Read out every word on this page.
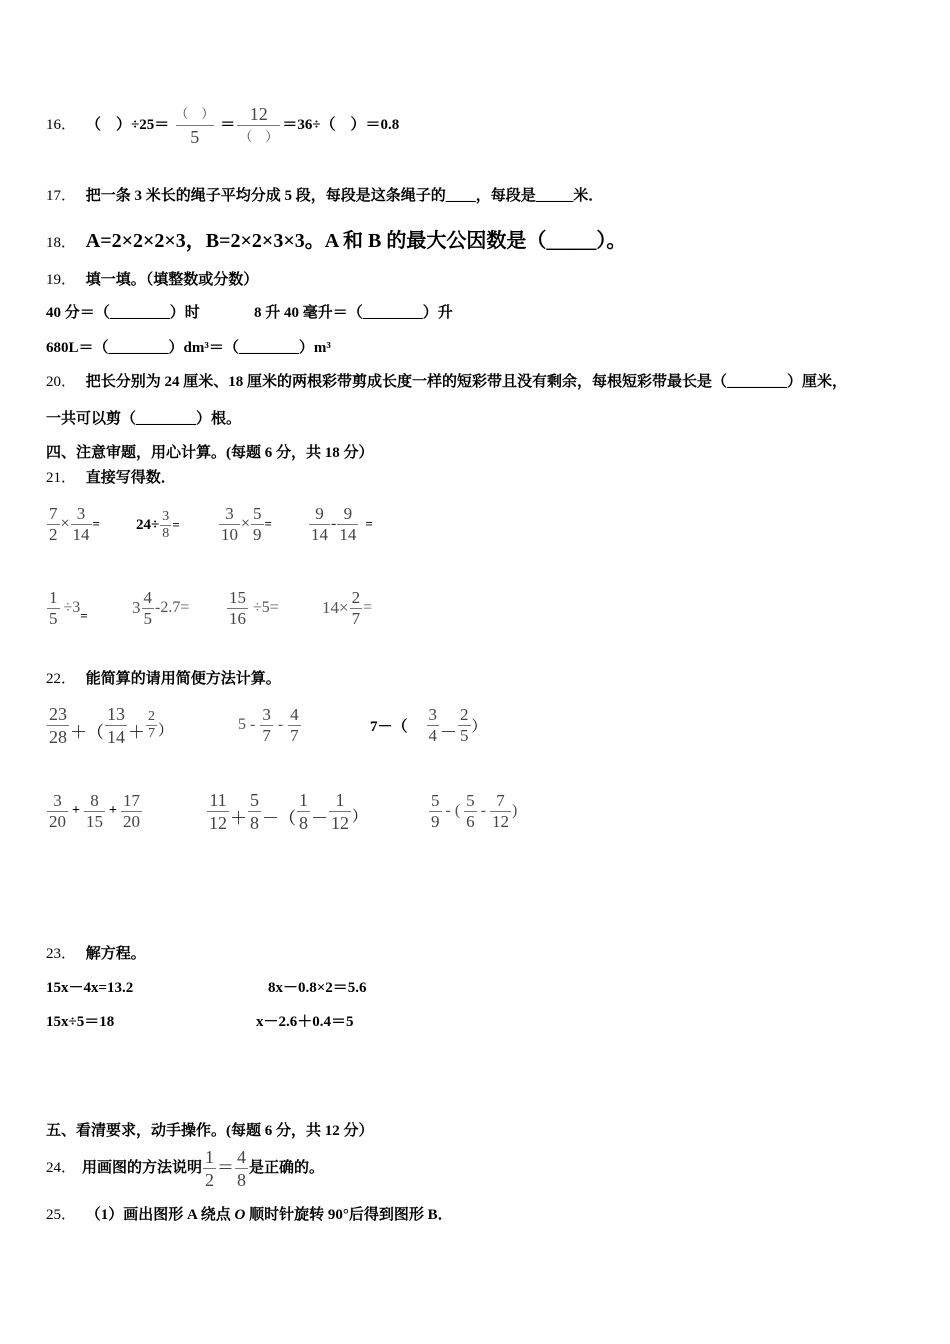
16． （　） $\div 25= \frac{( )}{5} = \frac{12}{( )} =36\div$（　）＝0.8
17． 把一条 3 米长的绳子平均分成 5 段，每段是这条绳子的____，每段是_____米．
18． A=2×2×2×3，B=2×2×3×3。A 和 B 的最大公因数是（_____）。
19． 填一填。（填整数或分数）
40 分＝（________）时	8 升 40 毫升＝（________）升
680L＝（________）dm³＝（________）m³
20． 把长分别为 24 厘米、18 厘米的两根彩带剪成长度一样的短彩带且没有剩余，每根短彩带最长是（________）厘米，
一共可以剪（________）根。
四、注意审题，用心计算。(每题 6 分，共 18 分）
21． 直接写得数．
$\frac{7}{2} \times \frac{3}{14} = 24\div \frac{3}{8} = \frac{3}{10} \times \frac{5}{9} = \frac{9}{14} - \frac{9}{14}$ =
$\frac{1}{5} \div 3$ =	$3 \frac{4}{5} -2.7= \frac{15}{16} \div 5=$	$14\times \frac{2}{7}$ =
22． 能简算的请用简便方法计算。
$\frac{23}{28}$ ＋（ $\frac{13}{14} + \frac{2}{7}$ ）	$5 - \frac{3}{7} - \frac{4}{7}$	$7-( \frac{3}{4} - \frac{2}{5}$ ）
$\frac{3}{20} + \frac{8}{15} + \frac{17}{20}$	$\frac{11}{12} + \frac{5}{8}$ －（ $\frac{1}{8} - \frac{1}{12}$ ）	$\frac{5}{9}$ - ( $\frac{5}{6} - \frac{7}{12}$ )
23． 解方程。
15x－4x=13.2	8x－0.8×2＝5.6
15x÷5＝18	x－2.6＋0.4＝5
五、看清要求，动手操作。(每题 6 分，共 12 分）
24． 用画图的方法说明 $\frac{1}{2} = \frac{4}{8}$ 是正确的。
25． （1）画出图形 A 绕点 O 顺时针旋转 90°后得到图形 B．
